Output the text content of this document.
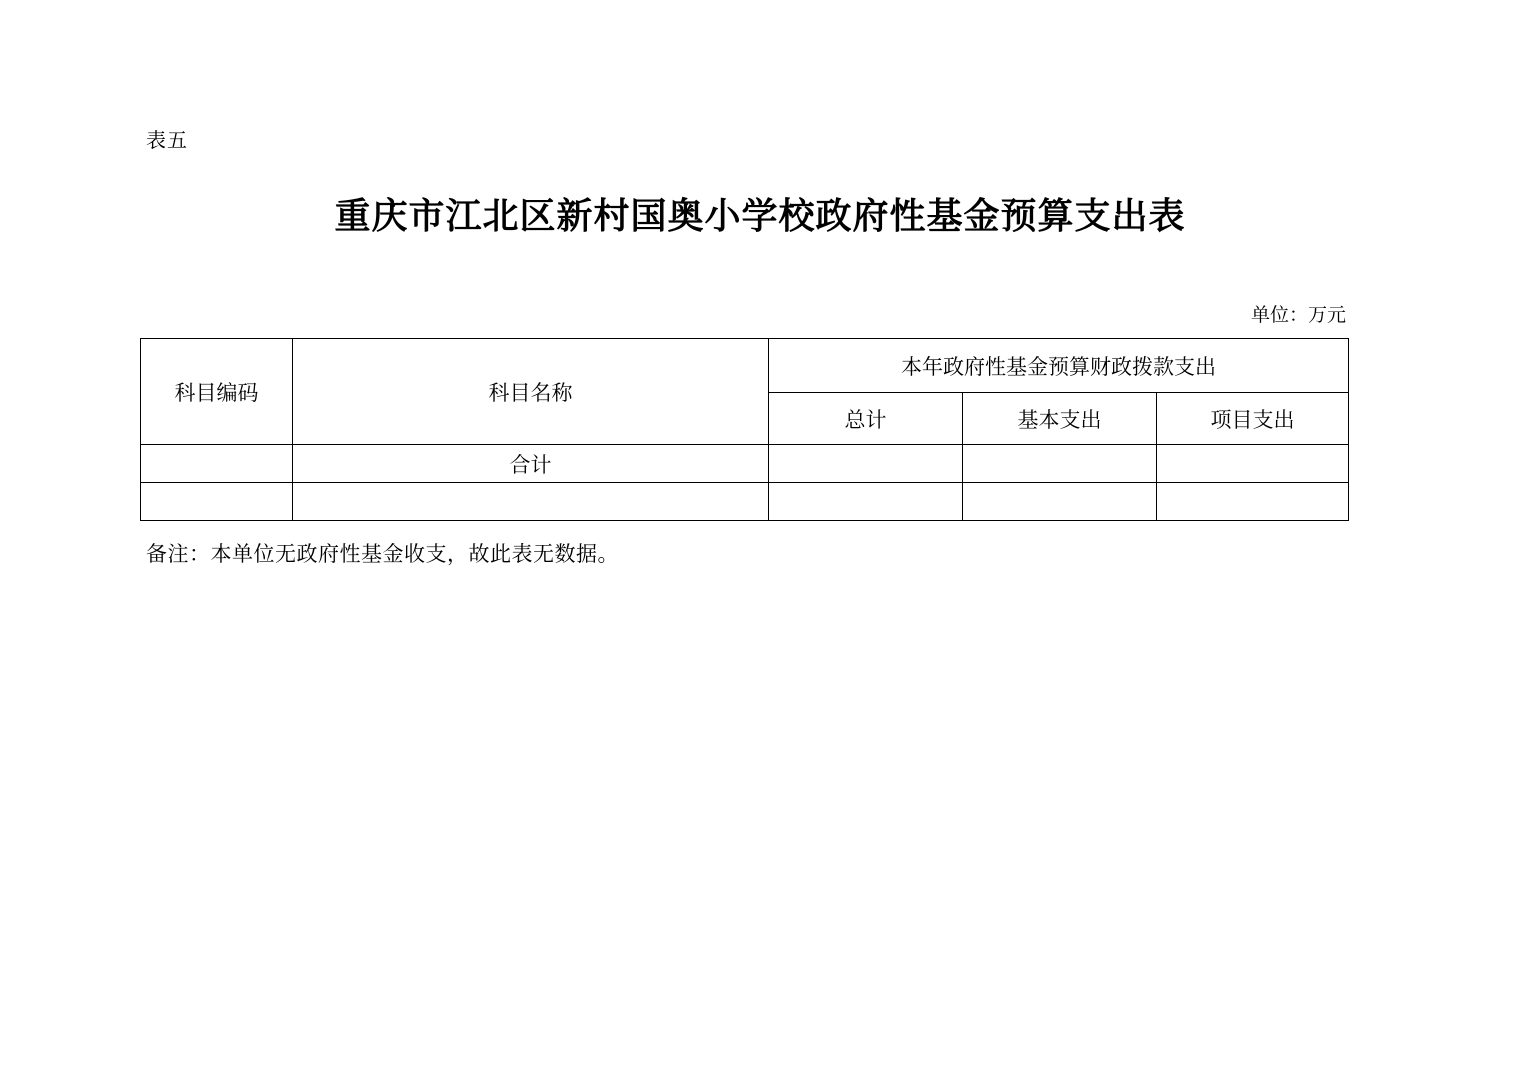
表五
重庆市江北区新村国奥小学校政府性基金预算支出表
单位：万元
科目编码	科目名称	本年政府性基金预算财政拨款支出		
		总计	基本支出	项目支出
	合计			

备注：本单位无政府性基金收支，故此表无数据。
